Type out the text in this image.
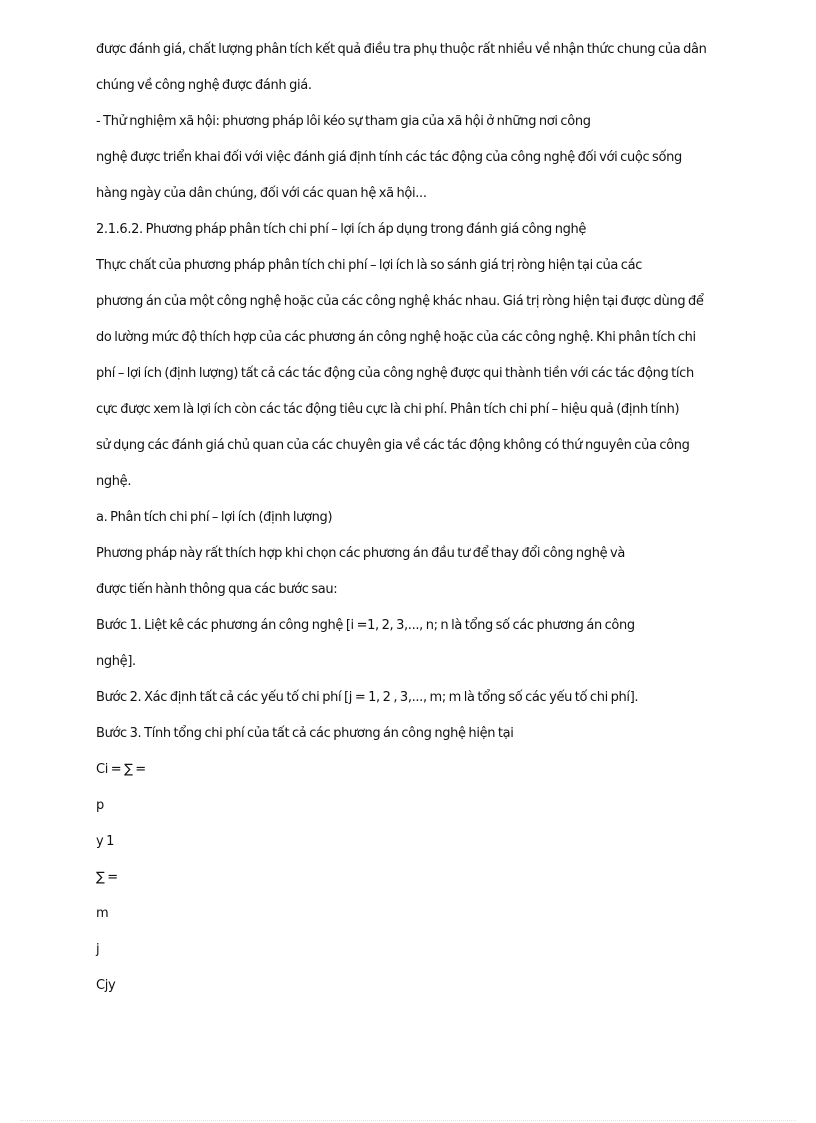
được đánh giá, chất lượng phân tích kết quả điều tra phụ thuộc rất nhiều về nhận thức chung của dân
chúng về công nghệ được đánh giá.
- Thử nghiệm xã hội: phương pháp lôi kéo sự tham gia của xã hội ở những nơi công
nghệ được triển khai đối với việc đánh giá định tính các tác động của công nghệ đối với cuộc sống
hàng ngày của dân chúng, đối với các quan hệ xã hội...
2.1.6.2. Phương pháp phân tích chi phí – lợi ích áp dụng trong đánh giá công nghệ
Thực chất của phương pháp phân tích chi phí – lợi ích là so sánh giá trị ròng hiện tại của các
phương án của một công nghệ hoặc của các công nghệ khác nhau. Giá trị ròng hiện tại được dùng để
do lường mức độ thích hợp của các phương án công nghệ hoặc của các công nghệ. Khi phân tích chi
phí – lợi ích (định lượng) tất cả các tác động của công nghệ được qui thành tiền với các tác động tích
cực được xem là lợi ích còn các tác động tiêu cực là chi phí. Phân tích chi phí – hiệu quả (định tính)
sử dụng các đánh giá chủ quan của các chuyên gia về các tác động không có thứ nguyên của công
nghệ.
a. Phân tích chi phí – lợi ích (định lượng)
Phương pháp này rất thích hợp khi chọn các phương án đầu tư để thay đổi công nghệ và
được tiến hành thông qua các bước sau:
Bước 1. Liệt kê các phương án công nghệ [i =1, 2, 3,..., n; n là tổng số các phương án công
nghệ].
Bước 2. Xác định tất cả các yếu tố chi phí [j = 1, 2 , 3,..., m; m là tổng số các yếu tố chi phí].
Bước 3. Tính tổng chi phí của tất cả các phương án công nghệ hiện tại
Ci = ∑ =
p
y 1
∑ =
m
j
Cjy
